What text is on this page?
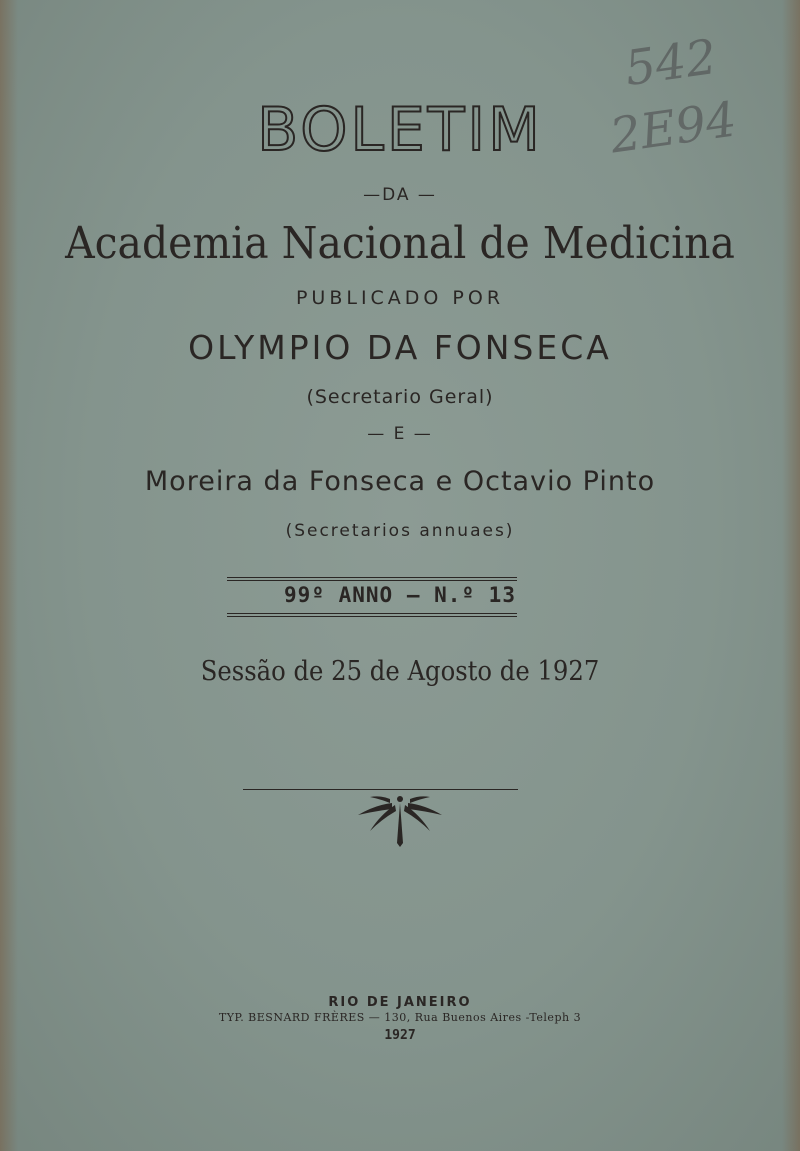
542
2E94
BOLETIM

—DA —

Academia Nacional de Medicina

PUBLICADO POR

OLYMPIO DA FONSECA

(Secretario Geral)

— E —

Moreira da Fonseca e Octavio Pinto

(Secretarios annuaes)

99º ANNO — N.º 13

Sessão de 25 de Agosto de 1927

RIO DE JANEIRO

TYP. BESNARD FRÈRES — 130, Rua Buenos Aires -Teleph 3

1927
